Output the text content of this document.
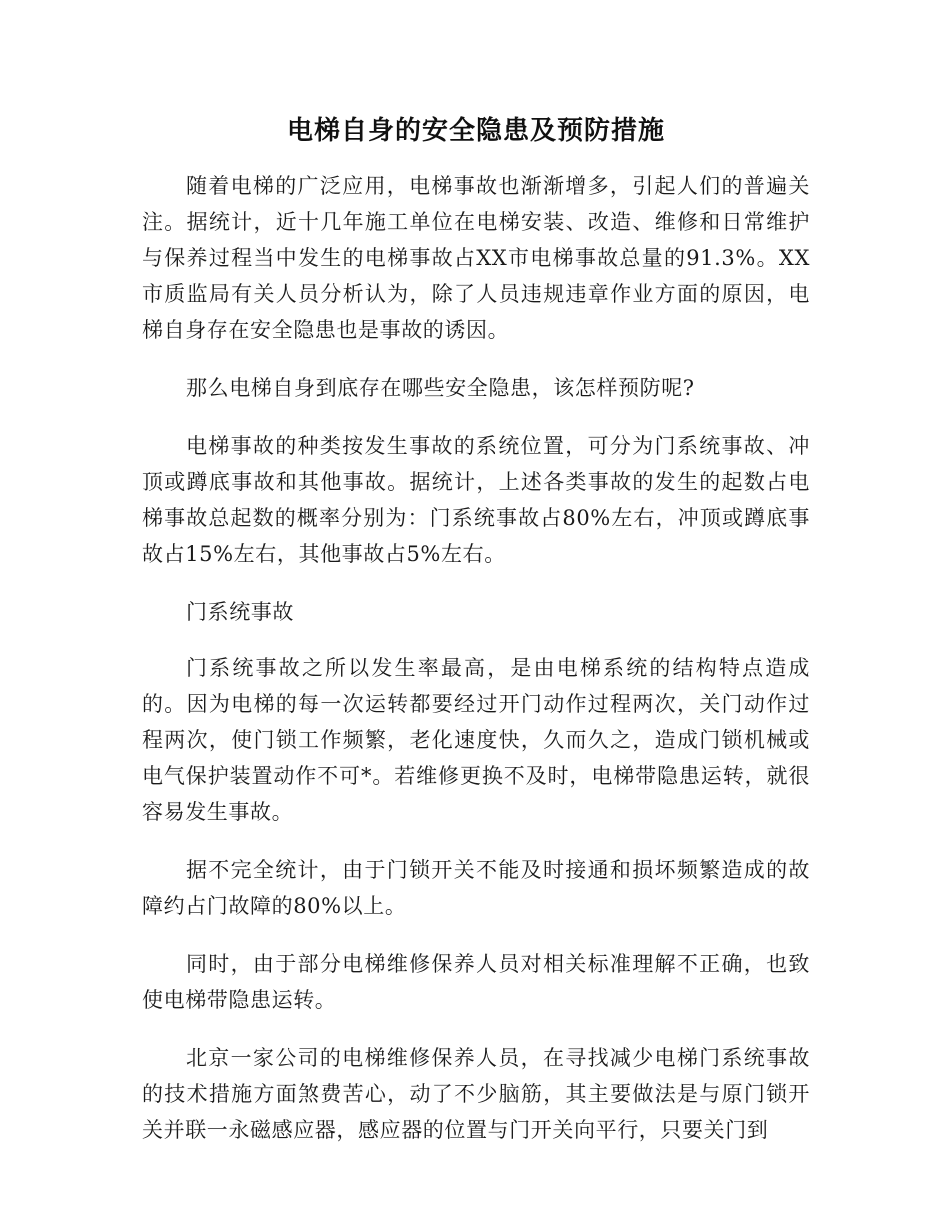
电梯自身的安全隐患及预防措施

随着电梯的广泛应用，电梯事故也渐渐增多，引起人们的普遍关注。据统计，近十几年施工单位在电梯安装、改造、维修和日常维护与保养过程当中发生的电梯事故占XX市电梯事故总量的91.3%。XX市质监局有关人员分析认为，除了人员违规违章作业方面的原因，电梯自身存在安全隐患也是事故的诱因。

那么电梯自身到底存在哪些安全隐患，该怎样预防呢?

电梯事故的种类按发生事故的系统位置，可分为门系统事故、冲顶或蹲底事故和其他事故。据统计，上述各类事故的发生的起数占电梯事故总起数的概率分别为：门系统事故占80%左右，冲顶或蹲底事故占15%左右，其他事故占5%左右。

门系统事故

门系统事故之所以发生率最高，是由电梯系统的结构特点造成的。因为电梯的每一次运转都要经过开门动作过程两次，关门动作过程两次，使门锁工作频繁，老化速度快，久而久之，造成门锁机械或电气保护装置动作不可*。若维修更换不及时，电梯带隐患运转，就很容易发生事故。

据不完全统计，由于门锁开关不能及时接通和损坏频繁造成的故障约占门故障的80%以上。

同时，由于部分电梯维修保养人员对相关标准理解不正确，也致使电梯带隐患运转。

北京一家公司的电梯维修保养人员，在寻找减少电梯门系统事故的技术措施方面煞费苦心，动了不少脑筋，其主要做法是与原门锁开关并联一永磁感应器，感应器的位置与门开关向平行，只要关门到
